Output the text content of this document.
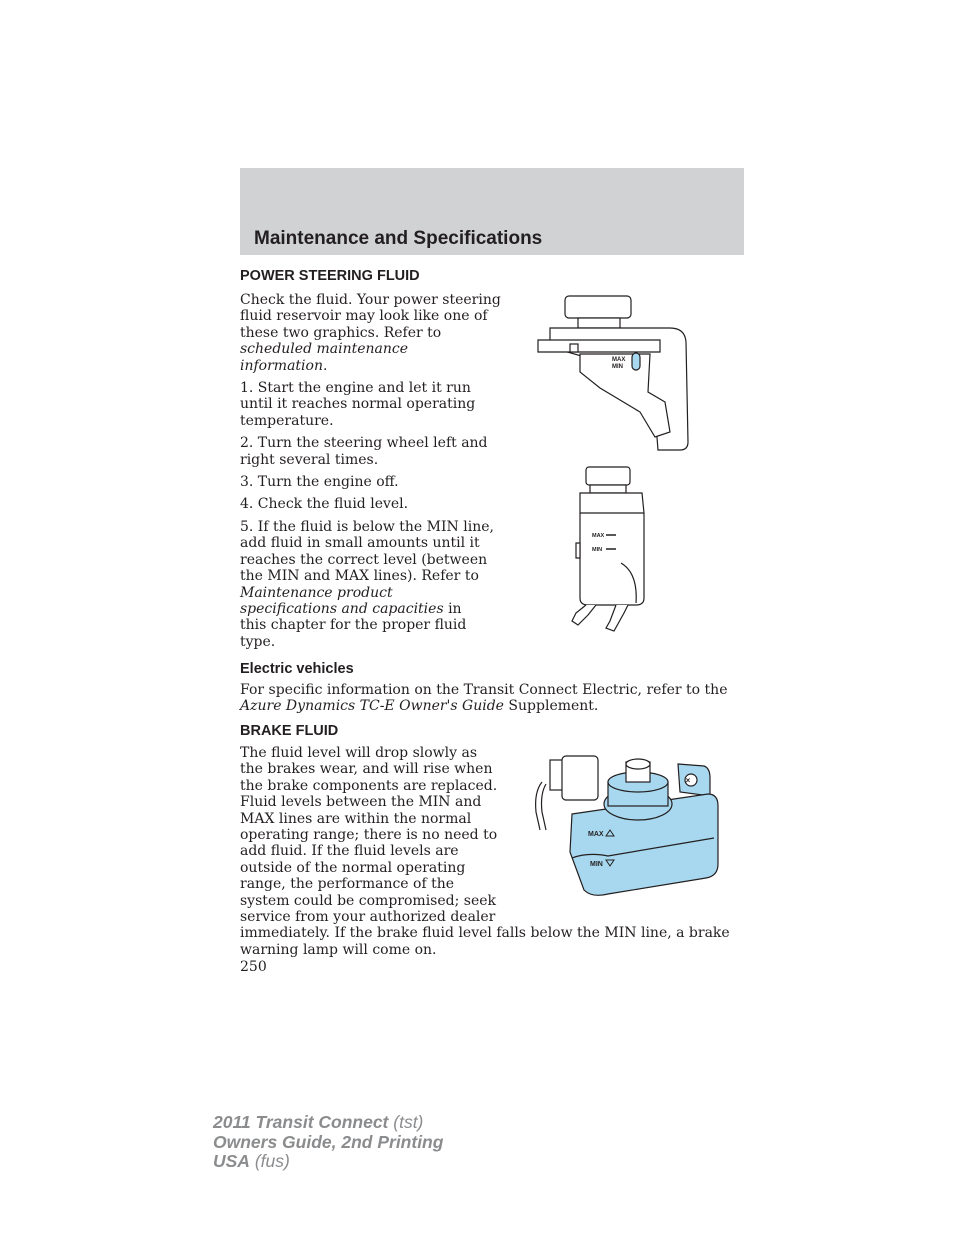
Maintenance and Specifications
POWER STEERING FLUID

Check the fluid. Your power steering
fluid reservoir may look like one of
these two graphics. Refer to
scheduled maintenance
information.

1. Start the engine and let it run
until it reaches normal operating
temperature.

2. Turn the steering wheel left and
right several times.

3. Turn the engine off.

4. Check the fluid level.

5. If the fluid is below the MIN line,
add fluid in small amounts until it
reaches the correct level (between
the MIN and MAX lines). Refer to
Maintenance product
specifications and capacities in
this chapter for the proper fluid
type.

MAX
MIN
MAX
MIN
Electric vehicles
For specific information on the Transit Connect Electric, refer to the
Azure Dynamics TC-E Owner's Guide Supplement.
BRAKE FLUID
The fluid level will drop slowly as
the brakes wear, and will rise when
the brake components are replaced.
Fluid levels between the MIN and
MAX lines are within the normal
operating range; there is no need to
add fluid. If the fluid levels are
outside of the normal operating
range, the performance of the
system could be compromised; seek
service from your authorized dealer
immediately. If the brake fluid level falls below the MIN line, a brake
warning lamp will come on.
×
MAX
MIN
250
2011 Transit Connect (tst)
Owners Guide, 2nd Printing
USA (fus)
